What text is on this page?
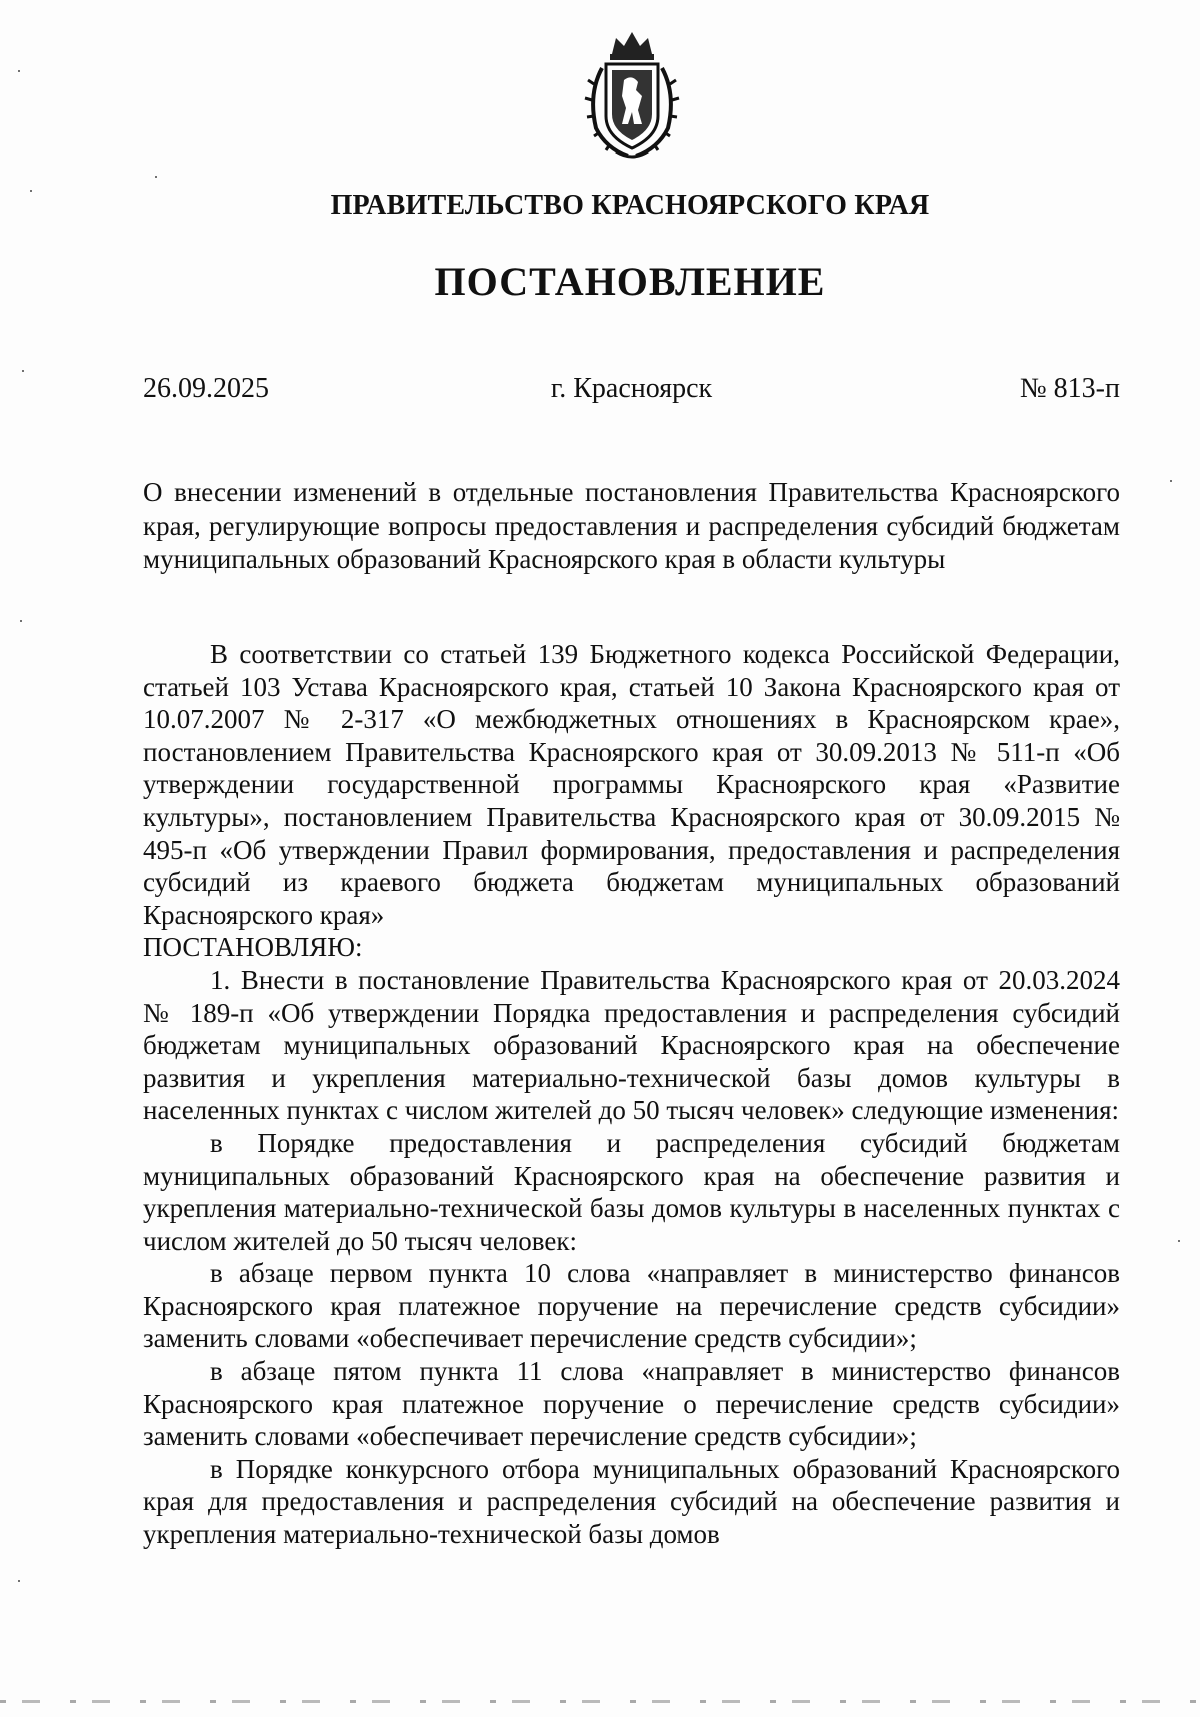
ПРАВИТЕЛЬСТВО КРАСНОЯРСКОГО КРАЯ
ПОСТАНОВЛЕНИЕ
26.09.2025	г. Красноярск	№ 813-п
О внесении изменений в отдельные постановления Правительства Красноярского края, регулирующие вопросы предоставления и распределения субсидий бюджетам муниципальных образований Красноярского края в области культуры

В соответствии со статьей 139 Бюджетного кодекса Российской Федерации, статьей 103 Устава Красноярского края, статьей 10 Закона Красноярского края от 10.07.2007 № 2-317 «О межбюджетных отношениях в Красноярском крае», постановлением Правительства Красноярского края от 30.09.2013 № 511-п «Об утверждении государственной программы Красноярского края «Развитие культуры», постановлением Правительства Красноярского края от 30.09.2015 № 495-п «Об утверждении Правил формирования, предоставления и распределения субсидий из краевого бюджета бюджетам муниципальных образований Красноярского края»

ПОСТАНОВЛЯЮ:

1. Внести в постановление Правительства Красноярского края от 20.03.2024 № 189-п «Об утверждении Порядка предоставления и распределения субсидий бюджетам муниципальных образований Красноярского края на обеспечение развития и укрепления материально-технической базы домов культуры в населенных пунктах с числом жителей до 50 тысяч человек» следующие изменения:

в Порядке предоставления и распределения субсидий бюджетам муниципальных образований Красноярского края на обеспечение развития и укрепления материально-технической базы домов культуры в населенных пунктах с числом жителей до 50 тысяч человек:

в абзаце первом пункта 10 слова «направляет в министерство финансов Красноярского края платежное поручение на перечисление средств субсидии» заменить словами «обеспечивает перечисление средств субсидии»;

в абзаце пятом пункта 11 слова «направляет в министерство финансов Красноярского края платежное поручение о перечисление средств субсидии» заменить словами «обеспечивает перечисление средств субсидии»;

в Порядке конкурсного отбора муниципальных образований Красноярского края для предоставления и распределения субсидий на обеспечение развития и укрепления материально-технической базы домов
